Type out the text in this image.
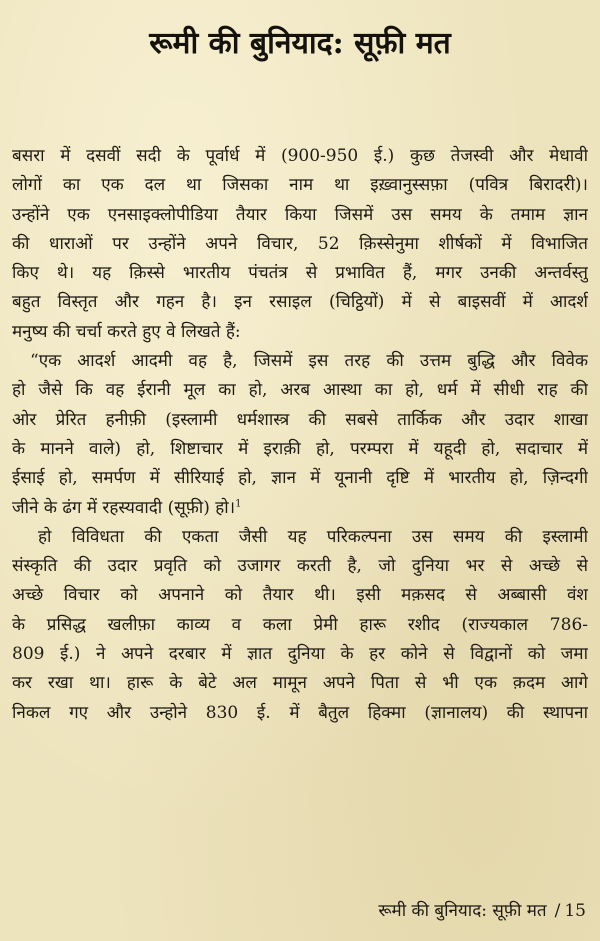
रूमी की बुनियाद: सूफ़ी मत
बसरा में दसवीं सदी के पूर्वार्ध में (900-950 ई.) कुछ तेजस्वी और मेधावी
लोगों का एक दल था जिसका नाम था इख़्वानुस्सफ़ा (पवित्र बिरादरी)।
उन्होंने एक एनसाइक्लोपीडिया तैयार किया जिसमें उस समय के तमाम ज्ञान
की धाराओं पर उन्होंने अपने विचार, 52 क़िस्सेनुमा शीर्षकों में विभाजित
किए थे। यह क़िस्से भारतीय पंचतंत्र से प्रभावित हैं, मगर उनकी अन्तर्वस्तु
बहुत विस्तृत और गहन है। इन रसाइल (चिट्ठियों) में से बाइसवीं में आदर्श
मनुष्य की चर्चा करते हुए वे लिखते हैं:
“एक आदर्श आदमी वह है, जिसमें इस तरह की उत्तम बुद्धि और विवेक
हो जैसे कि वह ईरानी मूल का हो, अरब आस्था का हो, धर्म में सीधी राह की
ओर प्रेरित हनीफ़ी (इस्लामी धर्मशास्त्र की सबसे तार्किक और उदार शाखा
के मानने वाले) हो, शिष्टाचार में इराक़ी हो, परम्परा में यहूदी हो, सदाचार में
ईसाई हो, समर्पण में सीरियाई हो, ज्ञान में यूनानी दृष्टि में भारतीय हो, ज़िन्दगी
जीने के ढंग में रहस्यवादी (सूफ़ी) हो।$^1$
हो विविधता की एकता जैसी यह परिकल्पना उस समय की इस्लामी
संस्कृति की उदार प्रवृति को उजागर करती है, जो दुनिया भर से अच्छे से
अच्छे विचार को अपनाने को तैयार थी। इसी मक़सद से अब्बासी वंश
के प्रसिद्ध खलीफ़ा काव्य व कला प्रेमी हारू रशीद (राज्यकाल 786-
809 ई.) ने अपने दरबार में ज्ञात दुनिया के हर कोने से विद्वानों को जमा
कर रखा था। हारू के बेटे अल मामून अपने पिता से भी एक क़दम आगे
निकल गए और उन्होने 830 ई. में बैतुल हिक्मा (ज्ञानालय) की स्थापना
रूमी की बुनियाद: सूफ़ी मत / 15
